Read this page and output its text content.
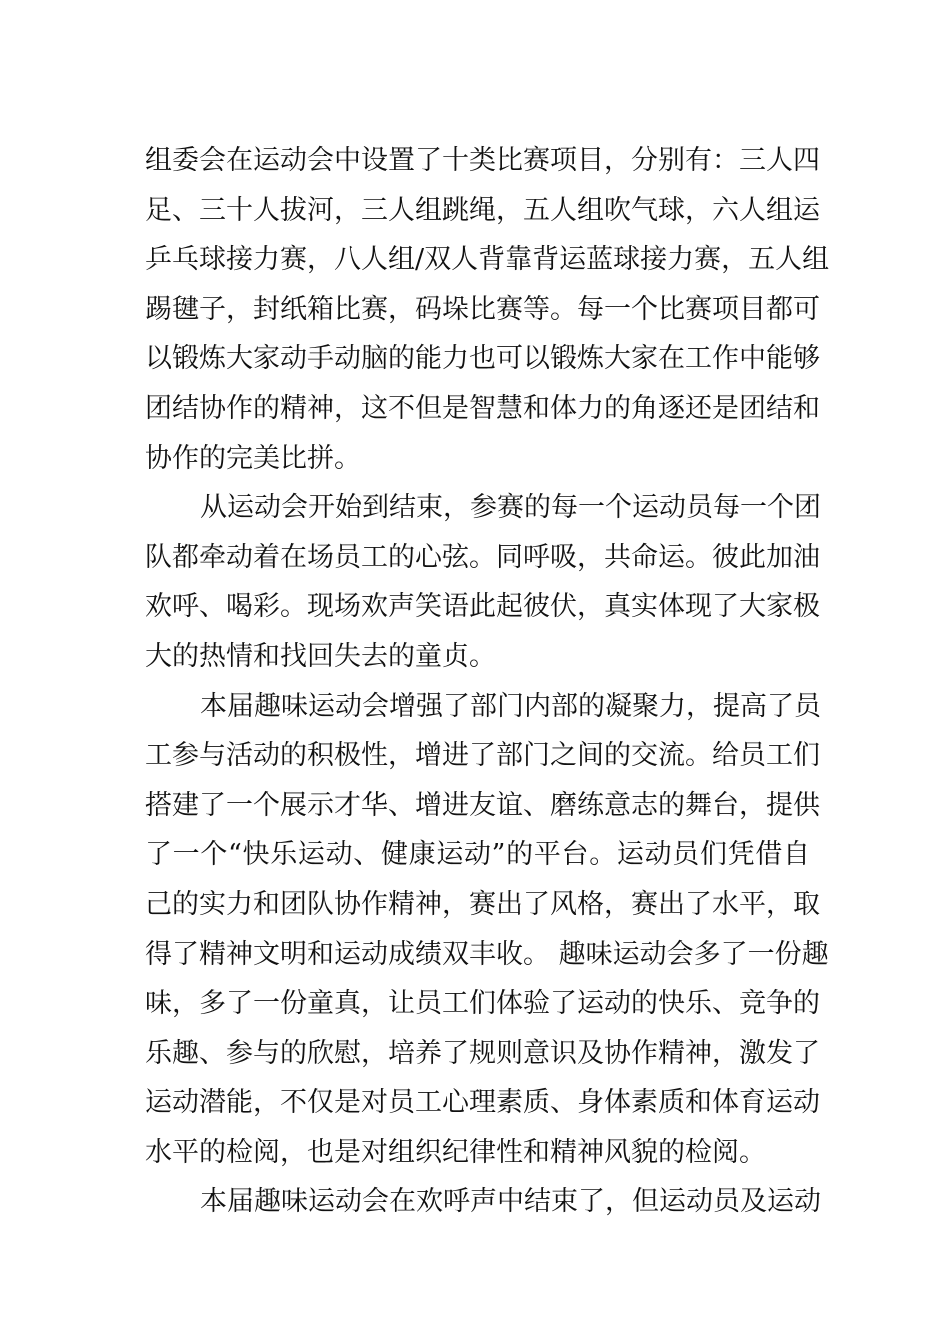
组委会在运动会中设置了十类比赛项目，分别有：三人四
足、三十人拔河，三人组跳绳，五人组吹气球，六人组运
乒乓球接力赛，八人组/双人背靠背运蓝球接力赛，五人组
踢毽子，封纸箱比赛，码垛比赛等。每一个比赛项目都可
以锻炼大家动手动脑的能力也可以锻炼大家在工作中能够
团结协作的精神，这不但是智慧和体力的角逐还是团结和
协作的完美比拼。
从运动会开始到结束，参赛的每一个运动员每一个团
队都牵动着在场员工的心弦。同呼吸，共命运。彼此加油
欢呼、喝彩。现场欢声笑语此起彼伏，真实体现了大家极
大的热情和找回失去的童贞。
本届趣味运动会增强了部门内部的凝聚力，提高了员
工参与活动的积极性，增进了部门之间的交流。给员工们
搭建了一个展示才华、增进友谊、磨练意志的舞台，提供
了一个“快乐运动、健康运动”的平台。运动员们凭借自
己的实力和团队协作精神，赛出了风格，赛出了水平，取
得了精神文明和运动成绩双丰收。 趣味运动会多了一份趣
味，多了一份童真，让员工们体验了运动的快乐、竞争的
乐趣、参与的欣慰，培养了规则意识及协作精神，激发了
运动潜能，不仅是对员工心理素质、身体素质和体育运动
水平的检阅，也是对组织纪律性和精神风貌的检阅。
本届趣味运动会在欢呼声中结束了，但运动员及运动
